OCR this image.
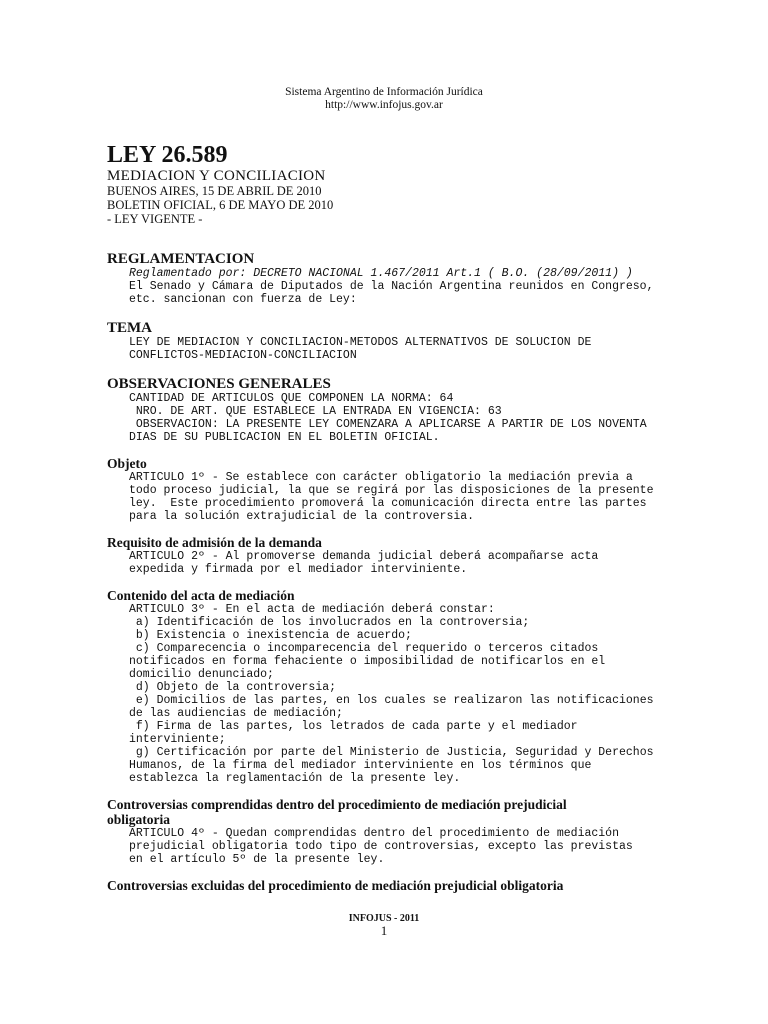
Sistema Argentino de Información Jurídica
http://www.infojus.gov.ar
LEY 26.589
MEDIACION Y CONCILIACION
BUENOS AIRES, 15 DE ABRIL DE 2010
BOLETIN OFICIAL, 6 DE MAYO DE 2010
- LEY VIGENTE -
REGLAMENTACION
Reglamentado por: DECRETO NACIONAL 1.467/2011 Art.1 ( B.O. (28/09/2011) )
El Senado y Cámara de Diputados de la Nación Argentina reunidos en Congreso,
etc. sancionan con fuerza de Ley:
TEMA
LEY DE MEDIACION Y CONCILIACION-METODOS ALTERNATIVOS DE SOLUCION DE
CONFLICTOS-MEDIACION-CONCILIACION
OBSERVACIONES GENERALES
CANTIDAD DE ARTICULOS QUE COMPONEN LA NORMA: 64
NRO. DE ART. QUE ESTABLECE LA ENTRADA EN VIGENCIA: 63
OBSERVACION: LA PRESENTE LEY COMENZARA A APLICARSE A PARTIR DE LOS NOVENTA
DIAS DE SU PUBLICACION EN EL BOLETIN OFICIAL.
Objeto
ARTICULO 1º - Se establece con carácter obligatorio la mediación previa a
todo proceso judicial, la que se regirá por las disposiciones de la presente
ley.  Este procedimiento promoverá la comunicación directa entre las partes
para la solución extrajudicial de la controversia.
Requisito de admisión de la demanda
ARTICULO 2º - Al promoverse demanda judicial deberá acompañarse acta
expedida y firmada por el mediador interviniente.
Contenido del acta de mediación
ARTICULO 3º - En el acta de mediación deberá constar:
a) Identificación de los involucrados en la controversia;
b) Existencia o inexistencia de acuerdo;
c) Comparecencia o incomparecencia del requerido o terceros citados
notificados en forma fehaciente o imposibilidad de notificarlos en el
domicilio denunciado;
d) Objeto de la controversia;
e) Domicilios de las partes, en los cuales se realizaron las notificaciones
de las audiencias de mediación;
f) Firma de las partes, los letrados de cada parte y el mediador
interviniente;
g) Certificación por parte del Ministerio de Justicia, Seguridad y Derechos
Humanos, de la firma del mediador interviniente en los términos que
establezca la reglamentación de la presente ley.
Controversias comprendidas dentro del procedimiento de mediación prejudicial
obligatoria
ARTICULO 4º - Quedan comprendidas dentro del procedimiento de mediación
prejudicial obligatoria todo tipo de controversias, excepto las previstas
en el artículo 5º de la presente ley.
Controversias excluidas del procedimiento de mediación prejudicial obligatoria
INFOJUS - 2011
1
